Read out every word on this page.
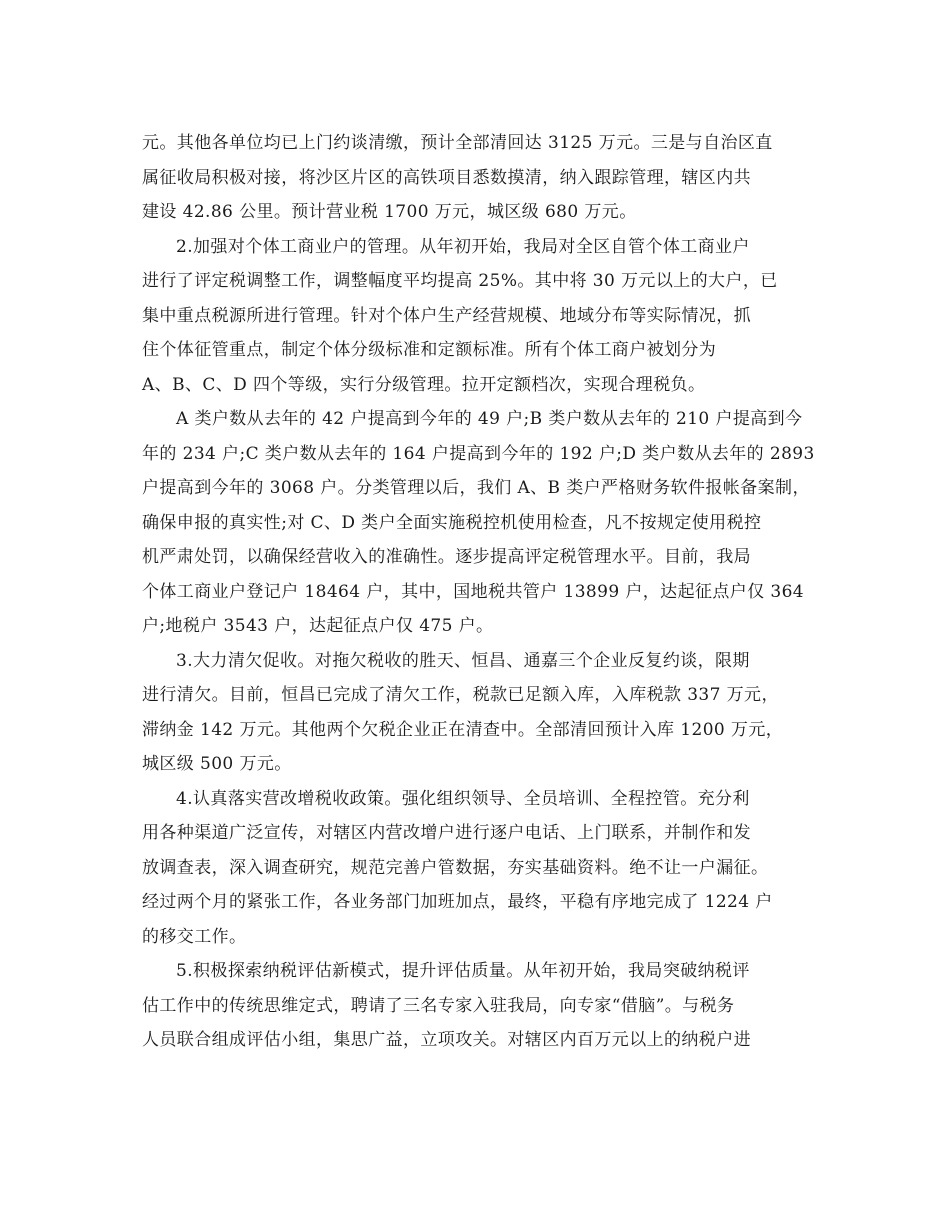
元。其他各单位均已上门约谈清缴，预计全部清回达 3125 万元。三是与自治区直
属征收局积极对接，将沙区片区的高铁项目悉数摸清，纳入跟踪管理，辖区内共
建设 42.86 公里。预计营业税 1700 万元，城区级 680 万元。
2.加强对个体工商业户的管理。从年初开始，我局对全区自管个体工商业户
进行了评定税调整工作，调整幅度平均提高 25%。其中将 30 万元以上的大户，已
集中重点税源所进行管理。针对个体户生产经营规模、地域分布等实际情况，抓
住个体征管重点，制定个体分级标准和定额标准。所有个体工商户被划分为
A、B、C、D 四个等级，实行分级管理。拉开定额档次，实现合理税负。
A 类户数从去年的 42 户提高到今年的 49 户;B 类户数从去年的 210 户提高到今
年的 234 户;C 类户数从去年的 164 户提高到今年的 192 户;D 类户数从去年的 2893
户提高到今年的 3068 户。分类管理以后，我们 A、B 类户严格财务软件报帐备案制，
确保申报的真实性;对 C、D 类户全面实施税控机使用检查，凡不按规定使用税控
机严肃处罚，以确保经营收入的准确性。逐步提高评定税管理水平。目前，我局
个体工商业户登记户 18464 户，其中，国地税共管户 13899 户，达起征点户仅 364
户;地税户 3543 户，达起征点户仅 475 户。
3.大力清欠促收。对拖欠税收的胜天、恒昌、通嘉三个企业反复约谈，限期
进行清欠。目前，恒昌已完成了清欠工作，税款已足额入库，入库税款 337 万元，
滞纳金 142 万元。其他两个欠税企业正在清查中。全部清回预计入库 1200 万元，
城区级 500 万元。
4.认真落实营改增税收政策。强化组织领导、全员培训、全程控管。充分利
用各种渠道广泛宣传，对辖区内营改增户进行逐户电话、上门联系，并制作和发
放调查表，深入调查研究，规范完善户管数据，夯实基础资料。绝不让一户漏征。
经过两个月的紧张工作，各业务部门加班加点，最终，平稳有序地完成了 1224 户
的移交工作。
5.积极探索纳税评估新模式，提升评估质量。从年初开始，我局突破纳税评
估工作中的传统思维定式，聘请了三名专家入驻我局，向专家“借脑”。与税务
人员联合组成评估小组，集思广益，立项攻关。对辖区内百万元以上的纳税户进
